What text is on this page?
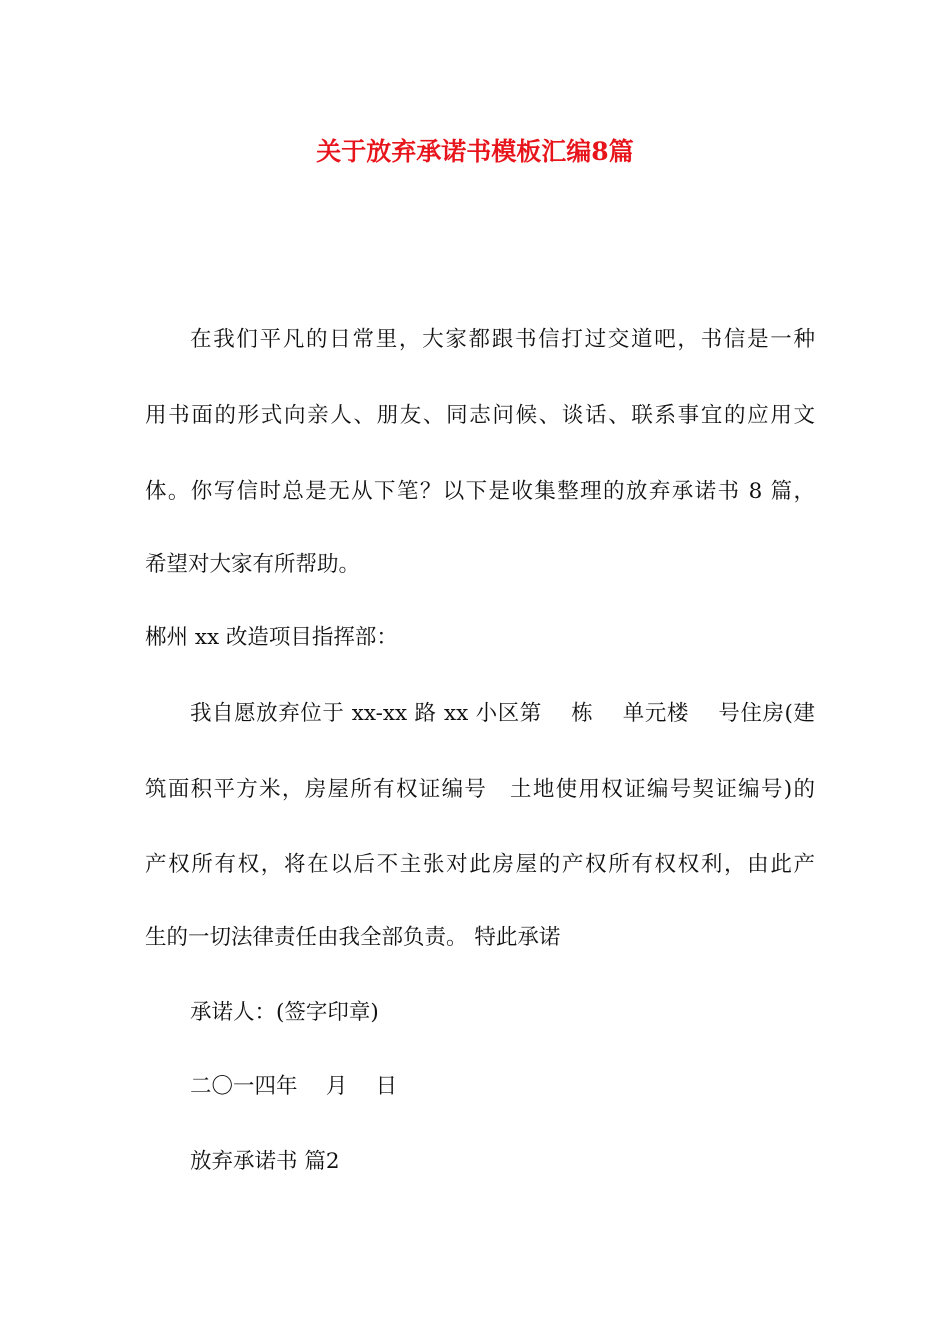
关于放弃承诺书模板汇编8篇

在我们平凡的日常里，大家都跟书信打过交道吧，书信是一种

用书面的形式向亲人、朋友、同志问候、谈话、联系事宜的应用文

体。你写信时总是无从下笔？以下是收集整理的放弃承诺书 8 篇，

希望对大家有所帮助。

郴州 xx 改造项目指挥部：

我自愿放弃位于 xx-xx 路 xx 小区第　 栋　 单元楼　 号住房(建

筑面积平方米，房屋所有权证编号　土地使用权证编号契证编号)的

产权所有权，将在以后不主张对此房屋的产权所有权权利，由此产

生的一切法律责任由我全部负责。 特此承诺

承诺人：(签字印章)

二〇一四年　 月　 日

放弃承诺书 篇2
